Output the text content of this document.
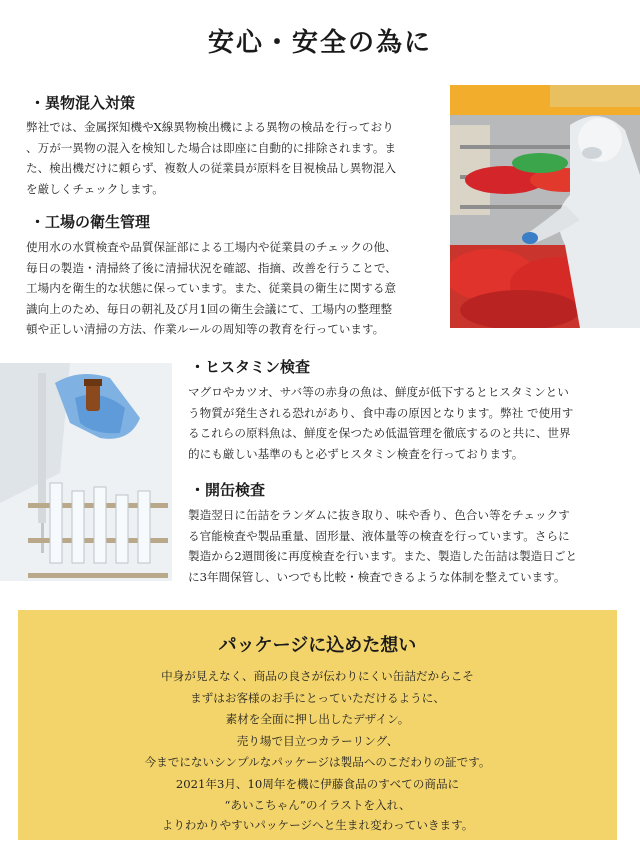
安心・安全の為に
・異物混入対策
弊社では、金属探知機やX線異物検出機による異物の検品を行っており
、万が一異物の混入を検知した場合は即座に自動的に排除されます。ま
た、検出機だけに頼らず、複数人の従業員が原料を目視検品し異物混入
を厳しくチェックします。
・工場の衛生管理
使用水の水質検査や品質保証部による工場内や従業員のチェックの他、
毎日の製造・清掃終了後に清掃状況を確認、指摘、改善を行うことで、
工場内を衛生的な状態に保っています。また、従業員の衛生に関する意
識向上のため、毎日の朝礼及び月1回の衛生会議にて、工場内の整理整
頓や正しい清掃の方法、作業ルールの周知等の教育を行っています。
・ヒスタミン検査
マグロやカツオ、サバ等の赤身の魚は、鮮度が低下するとヒスタミンとい
う物質が発生される恐れがあり、食中毒の原因となります。弊社 で使用す
るこれらの原料魚は、鮮度を保つため低温管理を徹底するのと共に、世界
的にも厳しい基準のもと必ずヒスタミン検査を行っております。
・開缶検査
製造翌日に缶詰をランダムに抜き取り、味や香り、色合い等をチェックす
る官能検査や製品重量、固形量、液体量等の検査を行っています。さらに
製造から2週間後に再度検査を行います。また、製造した缶詰は製造日ごと
に3年間保管し、いつでも比較・検査できるような体制を整えています。
パッケージに込めた想い
中身が見えなく、商品の良さが伝わりにくい缶詰だからこそ
まずはお客様のお手にとっていただけるように、
素材を全面に押し出したデザイン。
売り場で目立つカラーリング、
今までにないシンプルなパッケージは製品へのこだわりの証です。
2021年3月、10周年を機に伊藤食品のすべての商品に
“あいこちゃん”のイラストを入れ、
よりわかりやすいパッケージへと生まれ変わっていきます。
